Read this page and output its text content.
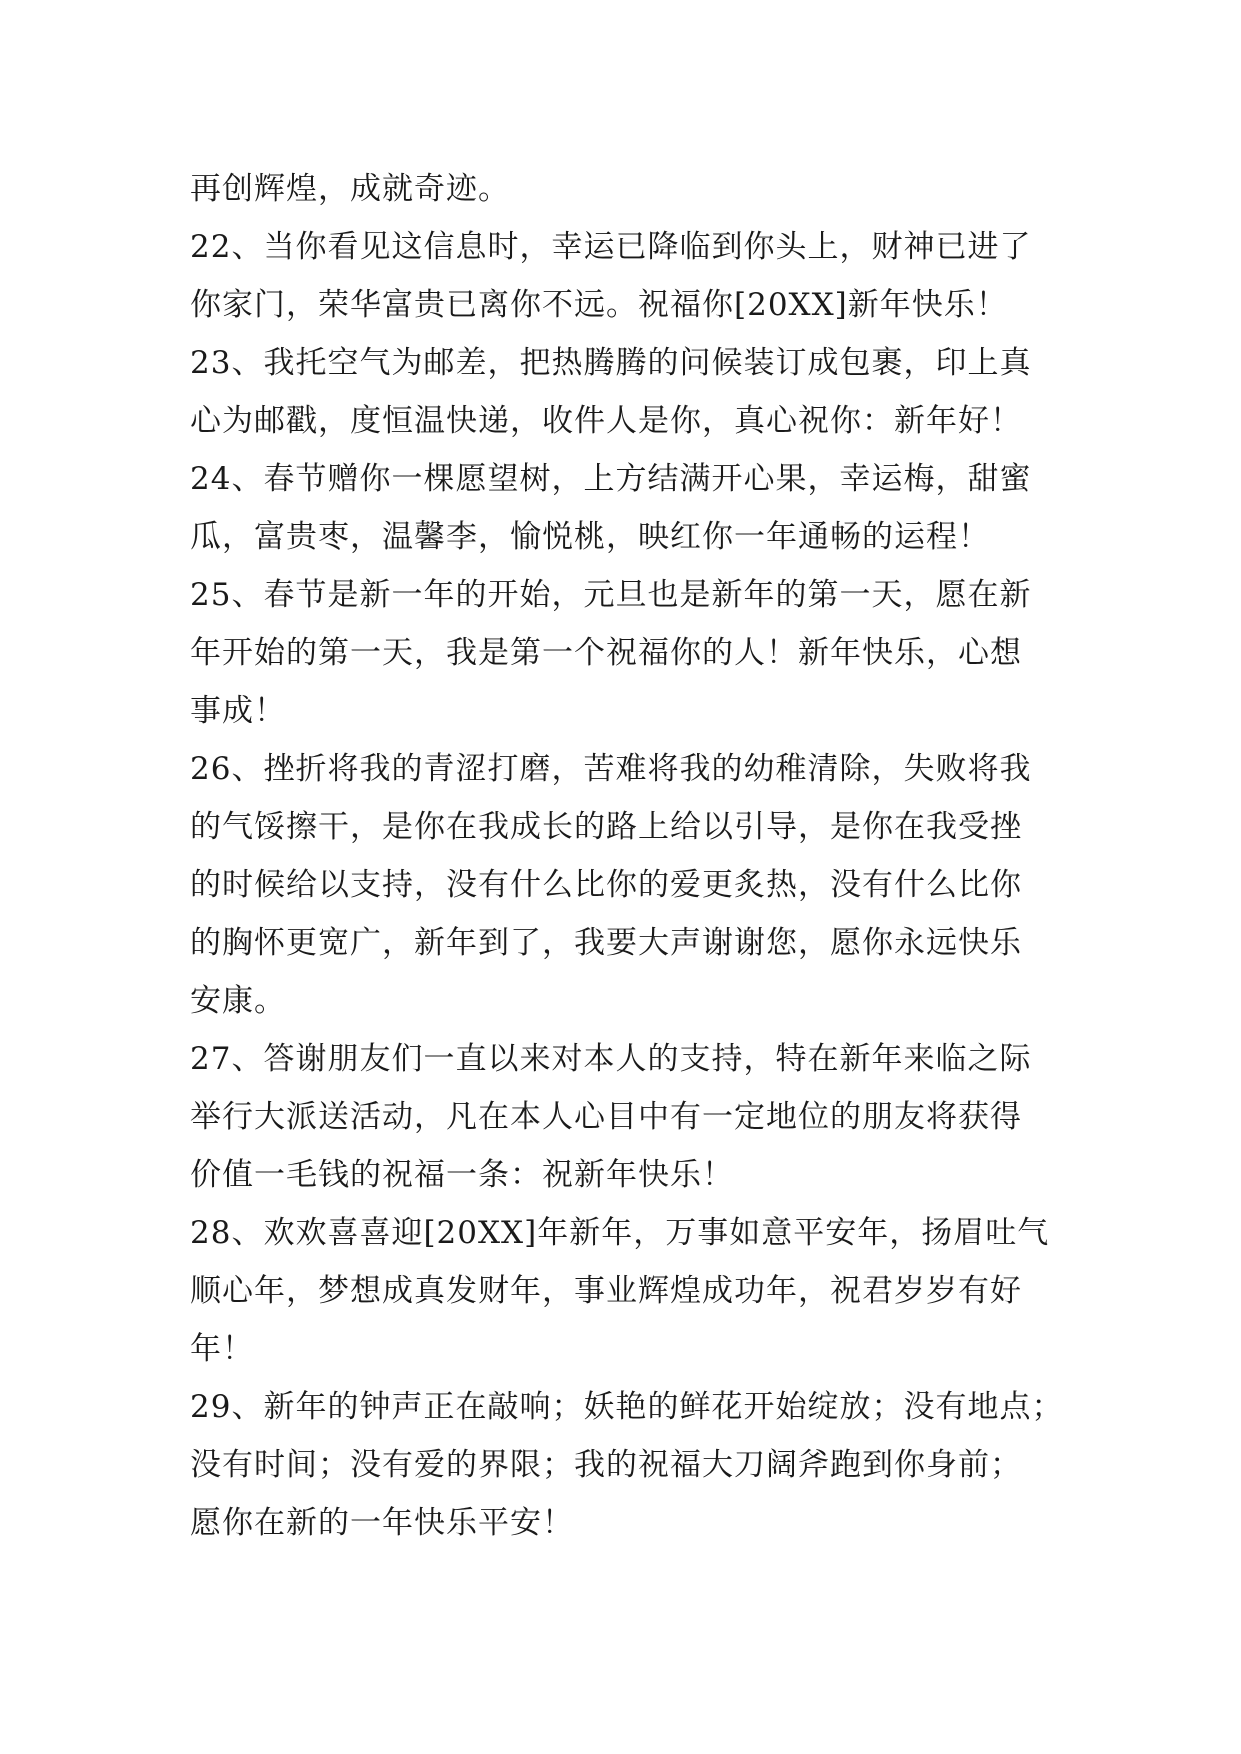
再创辉煌，成就奇迹。

22、当你看见这信息时，幸运已降临到你头上，财神已进了

你家门，荣华富贵已离你不远。祝福你[20XX]新年快乐！

23、我托空气为邮差，把热腾腾的问候装订成包裹，印上真

心为邮戳，度恒温快递，收件人是你，真心祝你：新年好！

24、春节赠你一棵愿望树，上方结满开心果，幸运梅，甜蜜

瓜，富贵枣，温馨李，愉悦桃，映红你一年通畅的运程！

25、春节是新一年的开始，元旦也是新年的第一天，愿在新

年开始的第一天，我是第一个祝福你的人！新年快乐，心想

事成！

26、挫折将我的青涩打磨，苦难将我的幼稚清除，失败将我

的气馁擦干，是你在我成长的路上给以引导，是你在我受挫

的时候给以支持，没有什么比你的爱更炙热，没有什么比你

的胸怀更宽广，新年到了，我要大声谢谢您，愿你永远快乐

安康。

27、答谢朋友们一直以来对本人的支持，特在新年来临之际

举行大派送活动，凡在本人心目中有一定地位的朋友将获得

价值一毛钱的祝福一条：祝新年快乐！

28、欢欢喜喜迎[20XX]年新年，万事如意平安年，扬眉吐气

顺心年，梦想成真发财年，事业辉煌成功年，祝君岁岁有好

年！

29、新年的钟声正在敲响；妖艳的鲜花开始绽放；没有地点；

没有时间；没有爱的界限；我的祝福大刀阔斧跑到你身前；

愿你在新的一年快乐平安！
